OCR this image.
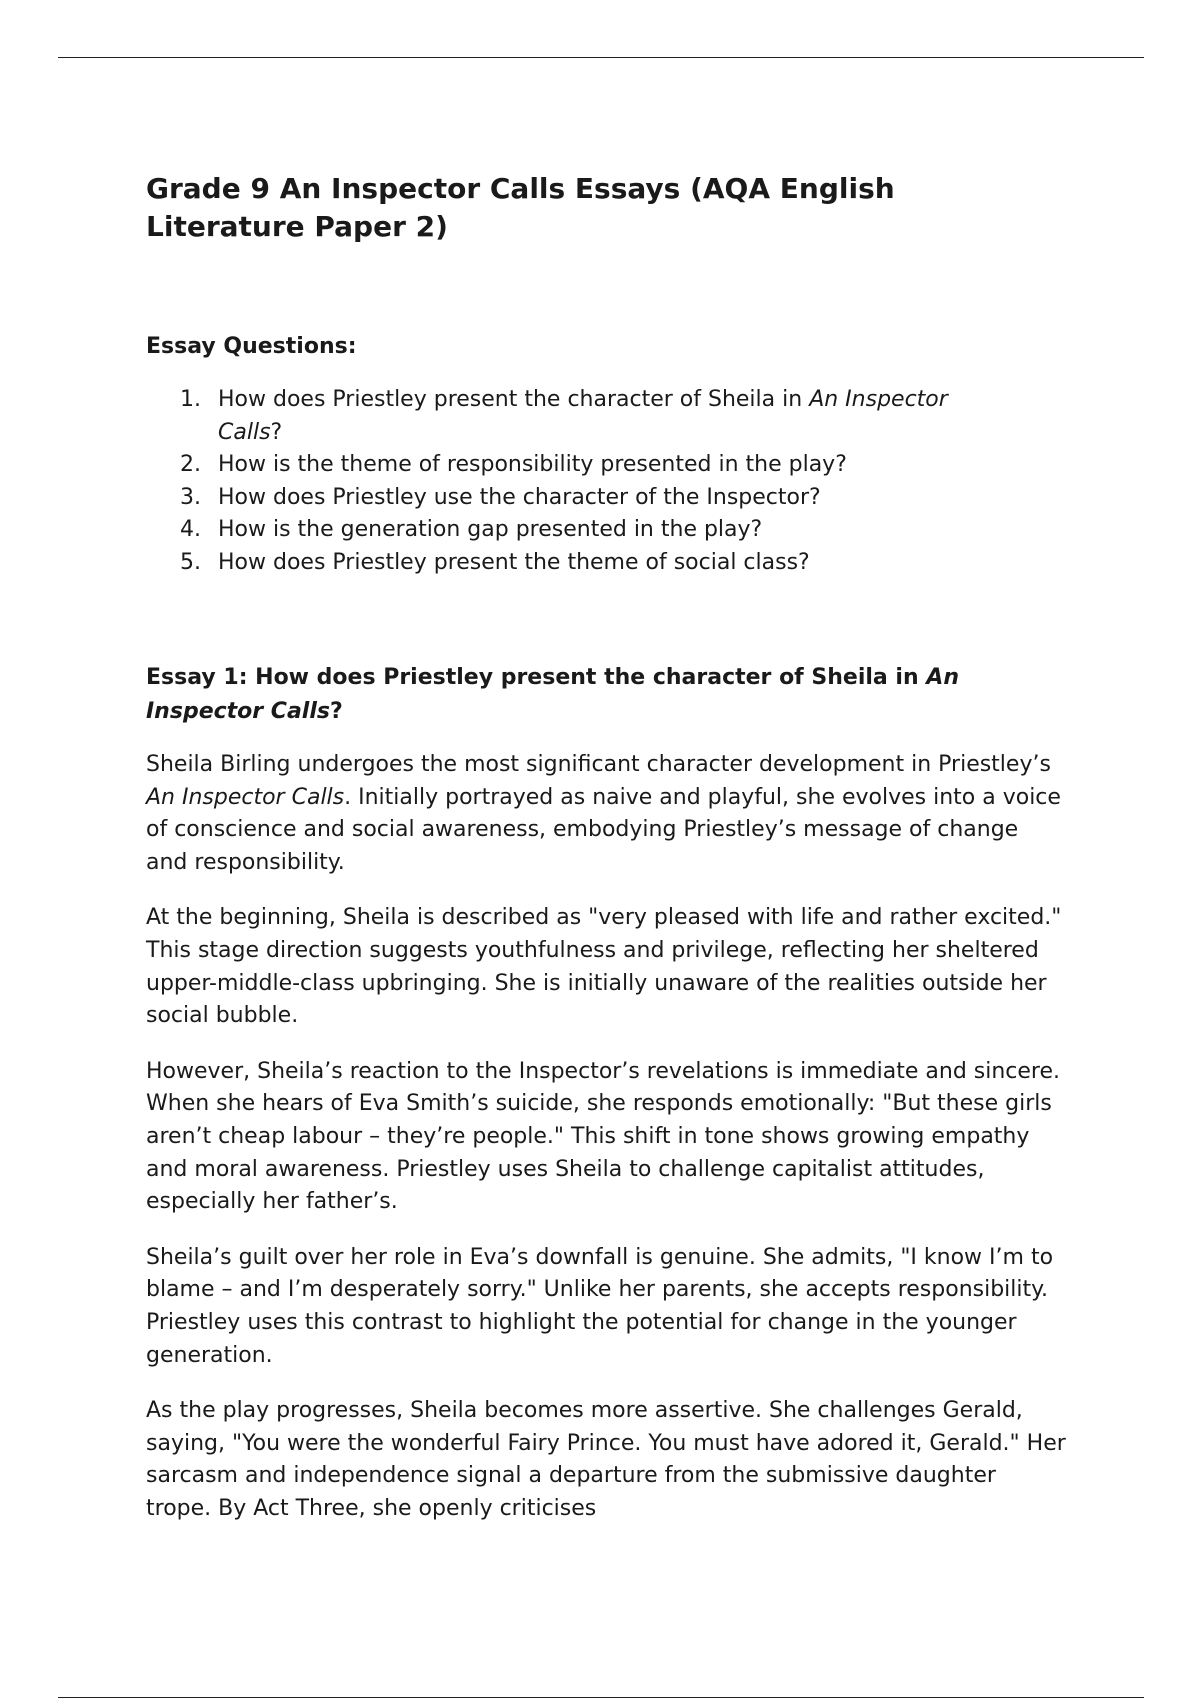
Grade 9 An Inspector Calls Essays (AQA English Literature Paper 2)
Essay Questions:
1. How does Priestley present the character of Sheila in An Inspector Calls?
2. How is the theme of responsibility presented in the play?
3. How does Priestley use the character of the Inspector?
4. How is the generation gap presented in the play?
5. How does Priestley present the theme of social class?
Essay 1: How does Priestley present the character of Sheila in An Inspector Calls?

Sheila Birling undergoes the most significant character development in Priestley’s An Inspector Calls. Initially portrayed as naive and playful, she evolves into a voice of conscience and social awareness, embodying Priestley’s message of change and responsibility.

At the beginning, Sheila is described as "very pleased with life and rather excited." This stage direction suggests youthfulness and privilege, reflecting her sheltered upper-middle-class upbringing. She is initially unaware of the realities outside her social bubble.

However, Sheila’s reaction to the Inspector’s revelations is immediate and sincere. When she hears of Eva Smith’s suicide, she responds emotionally: "But these girls aren’t cheap labour – they’re people." This shift in tone shows growing empathy and moral awareness. Priestley uses Sheila to challenge capitalist attitudes, especially her father’s.

Sheila’s guilt over her role in Eva’s downfall is genuine. She admits, "I know I’m to blame – and I’m desperately sorry." Unlike her parents, she accepts responsibility. Priestley uses this contrast to highlight the potential for change in the younger generation.

As the play progresses, Sheila becomes more assertive. She challenges Gerald, saying, "You were the wonderful Fairy Prince. You must have adored it, Gerald." Her sarcasm and independence signal a departure from the submissive daughter trope. By Act Three, she openly criticises
